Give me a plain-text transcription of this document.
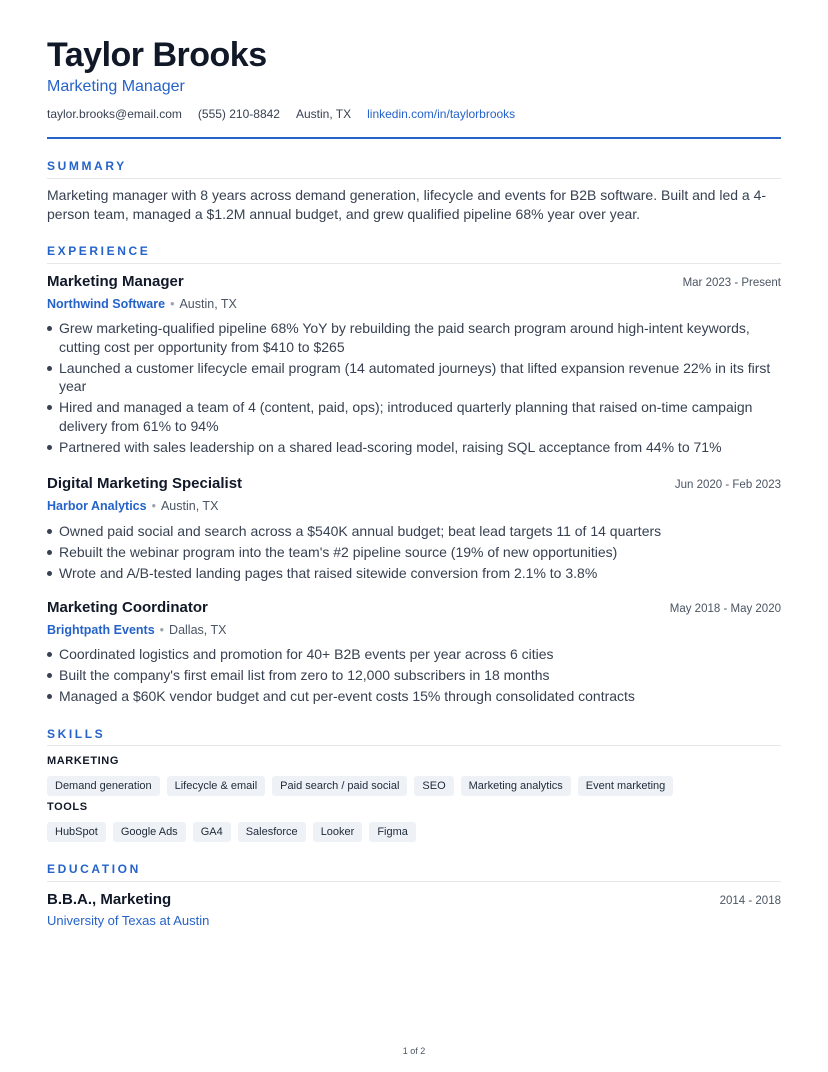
Taylor Brooks
Marketing Manager
taylor.brooks@email.com (555) 210-8842 Austin, TX linkedin.com/in/taylorbrooks
SUMMARY
Marketing manager with 8 years across demand generation, lifecycle and events for B2B software. Built and led a 4-person team, managed a $1.2M annual budget, and grew qualified pipeline 68% year over year.
EXPERIENCE
Marketing Manager	Mar 2023 - Present
Northwind Software • Austin, TX
Grew marketing-qualified pipeline 68% YoY by rebuilding the paid search program around high-intent keywords, cutting cost per opportunity from $410 to $265
Launched a customer lifecycle email program (14 automated journeys) that lifted expansion revenue 22% in its first year
Hired and managed a team of 4 (content, paid, ops); introduced quarterly planning that raised on-time campaign delivery from 61% to 94%
Partnered with sales leadership on a shared lead-scoring model, raising SQL acceptance from 44% to 71%
Digital Marketing Specialist	Jun 2020 - Feb 2023
Harbor Analytics • Austin, TX
Owned paid social and search across a $540K annual budget; beat lead targets 11 of 14 quarters
Rebuilt the webinar program into the team's #2 pipeline source (19% of new opportunities)
Wrote and A/B-tested landing pages that raised sitewide conversion from 2.1% to 3.8%
Marketing Coordinator	May 2018 - May 2020
Brightpath Events • Dallas, TX
Coordinated logistics and promotion for 40+ B2B events per year across 6 cities
Built the company's first email list from zero to 12,000 subscribers in 18 months
Managed a $60K vendor budget and cut per-event costs 15% through consolidated contracts
SKILLS
MARKETING
Demand generation	Lifecycle & email	Paid search / paid social	SEO	Marketing analytics	Event marketing
TOOLS
HubSpot	Google Ads	GA4	Salesforce	Looker	Figma
EDUCATION
B.B.A., Marketing	2014 - 2018
University of Texas at Austin
1 of 2
